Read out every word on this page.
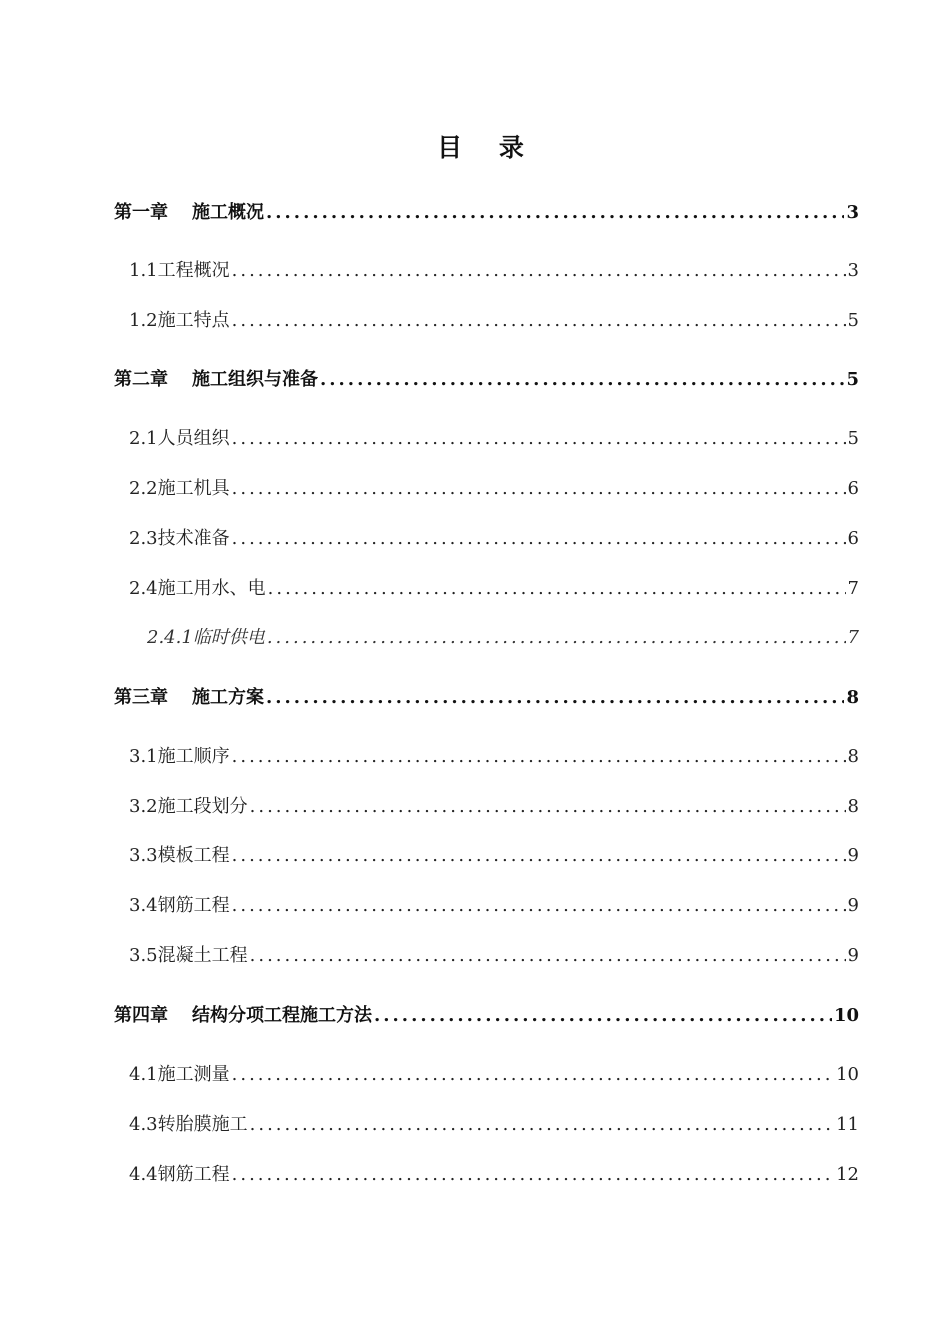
目 录
第一章 施工概况 .....	3
1.1工程概况 .....	3
1.2施工特点 .....	5
第二章 施工组织与准备 .....	5
2.1人员组织 .....	5
2.2施工机具 .....	6
2.3技术准备 .....	6
2.4施工用水、电 .....	7
2.4.1临时供电 .....	7
第三章 施工方案 .....	8
3.1施工顺序 .....	8
3.2施工段划分 .....	8
3.3模板工程 .....	9
3.4钢筋工程 .....	9
3.5混凝土工程 .....	9
第四章 结构分项工程施工方法 .....	10
4.1施工测量 .....	10
4.3转胎膜施工 .....	11
4.4钢筋工程 .....	12
